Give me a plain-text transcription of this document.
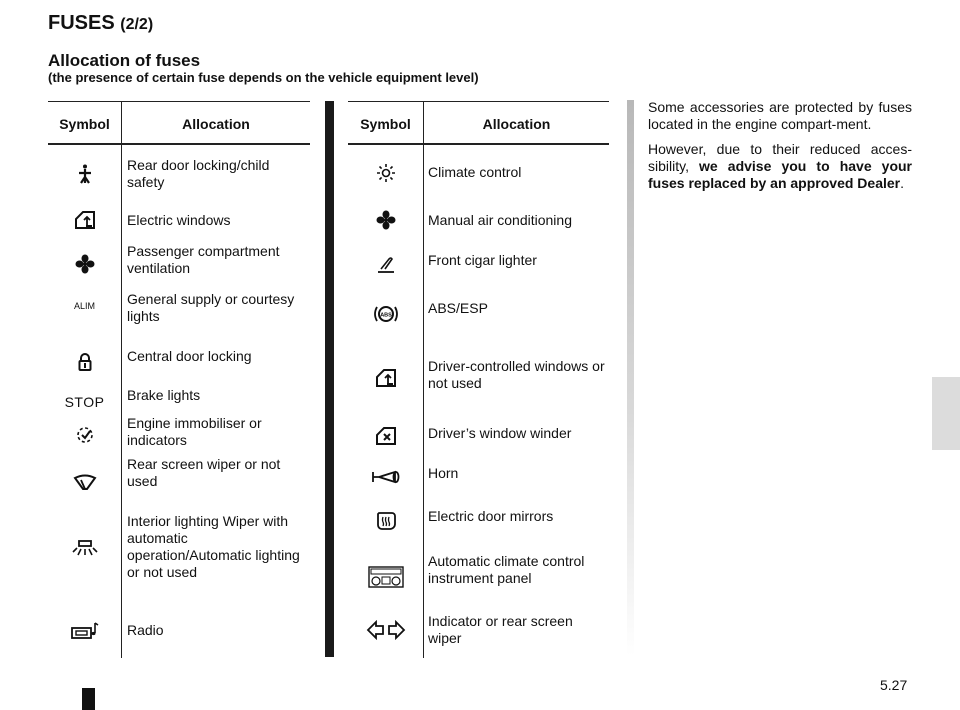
FUSES (2/2)
Allocation of fuses
(the presence of certain fuse depends on the vehicle equipment level)
Symbol	Allocation
Rear door locking/child safety
Electric windows
Passenger compartment ventilation
ALIM	General supply or courtesy lights
Central door locking
STOP	Brake lights
Engine immobiliser or indicators
Rear screen wiper or not used
Interior lighting Wiper with automatic operation/Automatic lighting or not used
Radio
Symbol	Allocation
Climate control
Manual air conditioning
Front cigar lighter
ABS	ABS/ESP
Driver-controlled windows or not used
Driver’s window winder
Horn
Electric door mirrors
Automatic climate control instrument panel
Indicator or rear screen wiper

Some accessories are protected by fuses located in the engine compart-ment.

However, due to their reduced acces-sibility, we advise you to have your fuses replaced by an approved Dealer.

5.27
